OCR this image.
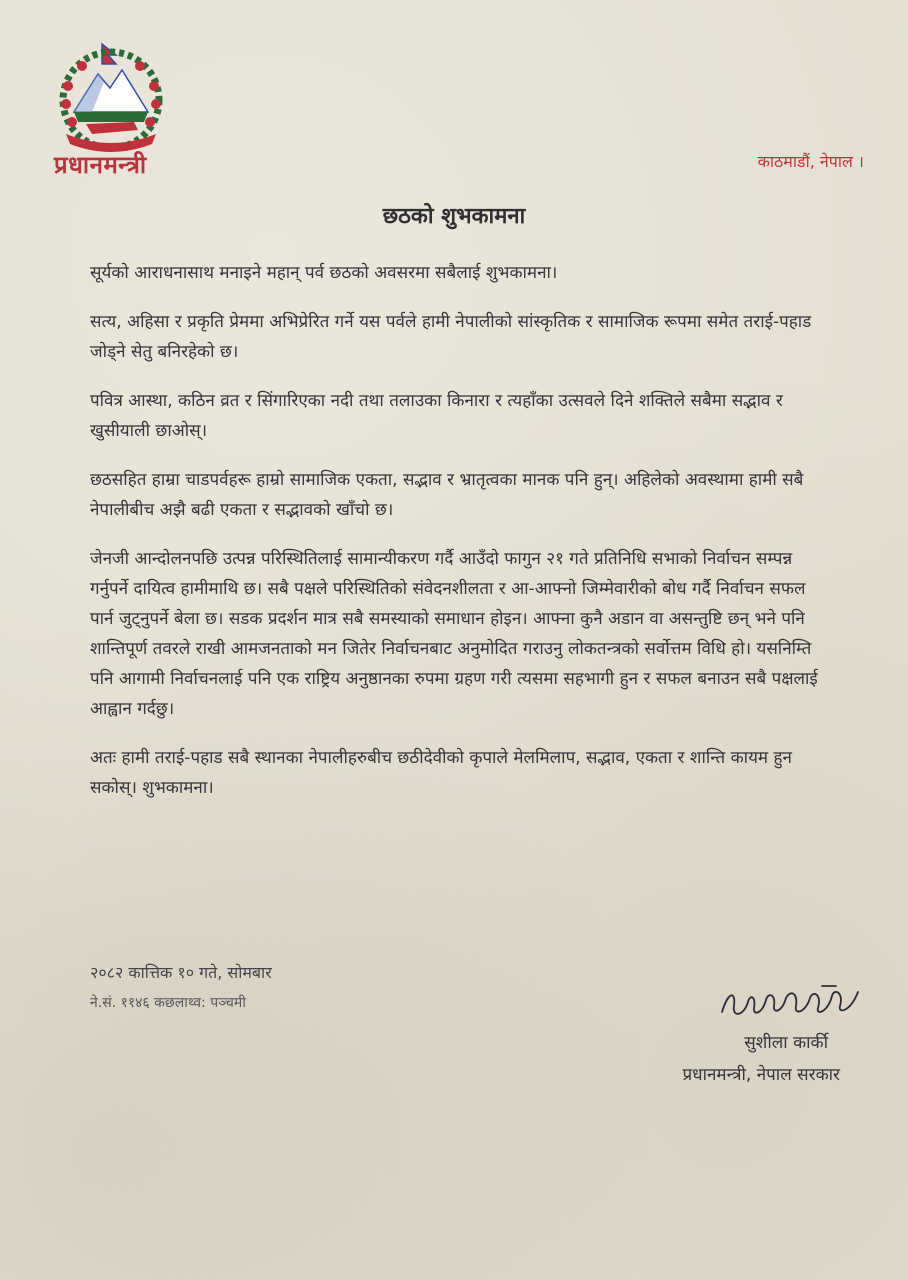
प्रधानमन्त्री	काठमाडौं, नेपाल ।
छठको शुभकामना

सूर्यको आराधनासाथ मनाइने महान् पर्व छठको अवसरमा सबैलाई शुभकामना।

सत्य, अहिसा र प्रकृति प्रेममा अभिप्रेरित गर्ने यस पर्वले हामी नेपालीको सांस्कृतिक र सामाजिक रूपमा समेत तराई-पहाड जोड्ने सेतु बनिरहेको छ।

पवित्र आस्था, कठिन व्रत र सिंगारिएका नदी तथा तलाउका किनारा र त्यहाँका उत्सवले दिने शक्तिले सबैमा सद्भाव र खुसीयाली छाओस्।

छठसहित हाम्रा चाडपर्वहरू हाम्रो सामाजिक एकता, सद्भाव र भ्रातृत्वका मानक पनि हुन्। अहिलेको अवस्थामा हामी सबै नेपालीबीच अझै बढी एकता र सद्भावको खाँचो छ।

जेनजी आन्दोलनपछि उत्पन्न परिस्थितिलाई सामान्यीकरण गर्दै आउँदो फागुन २१ गते प्रतिनिधि सभाको निर्वाचन सम्पन्न गर्नुपर्ने दायित्व हामीमाथि छ। सबै पक्षले परिस्थितिको संवेदनशीलता र आ-आफ्नो जिम्मेवारीको बोध गर्दै निर्वाचन सफल पार्न जुट्नुपर्ने बेला छ। सडक प्रदर्शन मात्र सबै समस्याको समाधान होइन। आफ्ना कुनै अडान वा असन्तुष्टि छन् भने पनि शान्तिपूर्ण तवरले राखी आमजनताको मन जितेर निर्वाचनबाट अनुमोदित गराउनु लोकतन्त्रको सर्वोत्तम विधि हो। यसनिम्ति पनि आगामी निर्वाचनलाई पनि एक राष्ट्रिय अनुष्ठानका रुपमा ग्रहण गरी त्यसमा सहभागी हुन र सफल बनाउन सबै पक्षलाई आह्वान गर्दछु।

अतः हामी तराई-पहाड सबै स्थानका नेपालीहरुबीच छठीदेवीको कृपाले मेलमिलाप, सद्भाव, एकता र शान्ति कायम हुन सकोस्। शुभकामना।

२०८२ कात्तिक १० गते, सोमबार
ने.सं. ११४६ कछलाथ्व: पञ्चमी
सुशीला कार्की
प्रधानमन्त्री, नेपाल सरकार
